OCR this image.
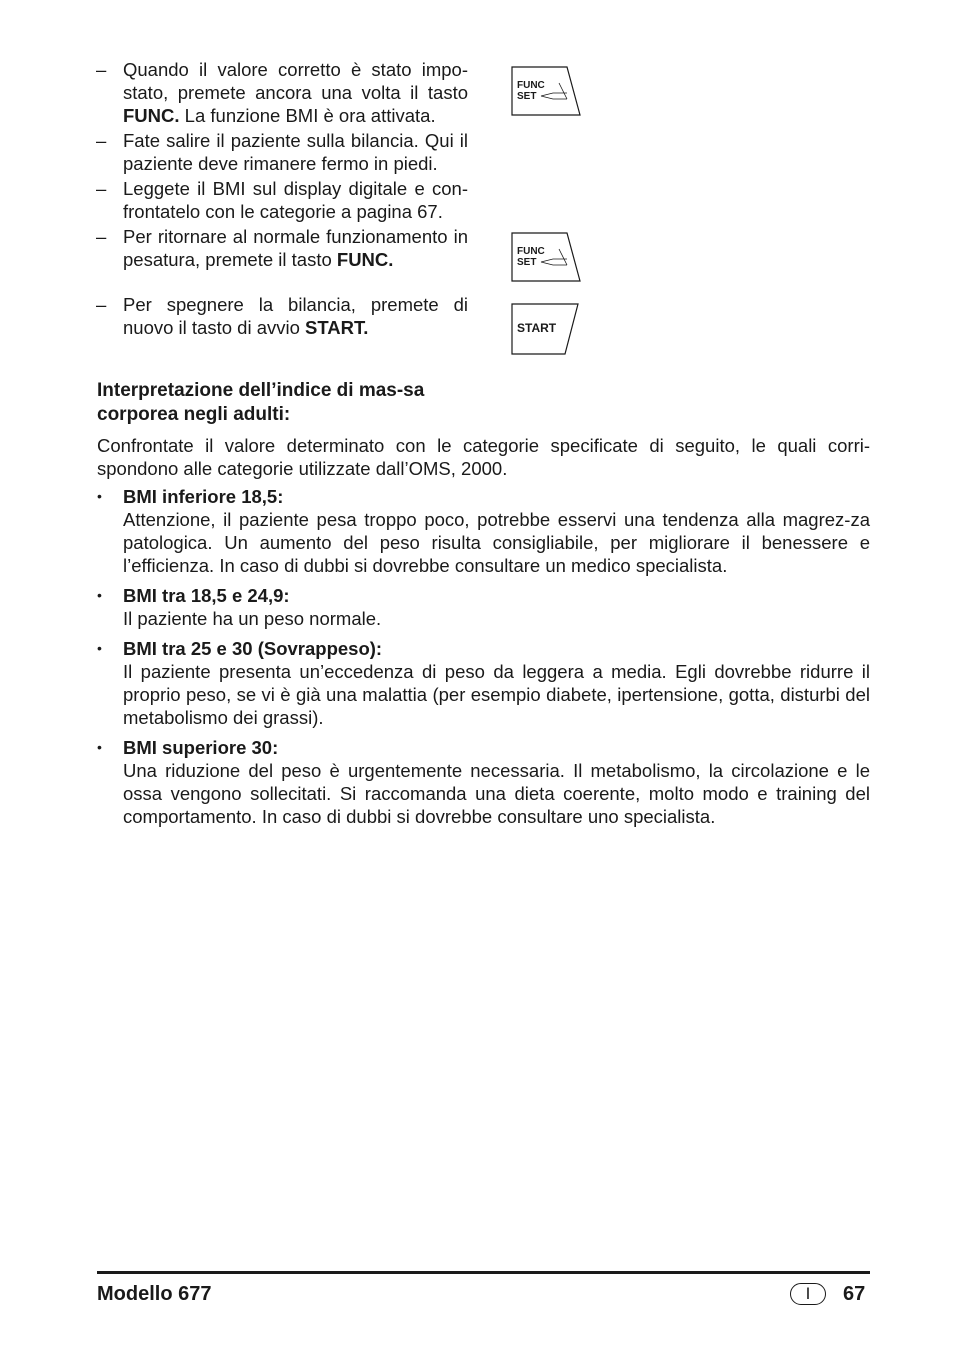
– Quando il valore corretto è stato impo-stato, premete ancora una volta il tasto FUNC. La funzione BMI è ora attivata.
– Fate salire il paziente sulla bilancia. Qui il paziente deve rimanere fermo in piedi.
– Leggete il BMI sul display digitale e con-frontatelo con le categorie a pagina 67.
– Per ritornare al normale funzionamento in pesatura, premete il tasto FUNC.
– Per spegnere la bilancia, premete di nuovo il tasto di avvio START.
FUNC
SET
FUNC
SET
START
Interpretazione dell’indice di mas-sa corporea negli adulti:
Confrontate il valore determinato con le categorie specificate di seguito, le quali corri-spondono alle categorie utilizzate dall’OMS, 2000.
• BMI inferiore 18,5:
Attenzione, il paziente pesa troppo poco, potrebbe esservi una tendenza alla magrez-za patologica. Un aumento del peso risulta consigliabile, per migliorare il benessere e l’efficienza. In caso di dubbi si dovrebbe consultare un medico specialista.
• BMI tra 18,5 e 24,9:
Il paziente ha un peso normale.
• BMI tra 25 e 30 (Sovrappeso):
Il paziente presenta un’eccedenza di peso da leggera a media. Egli dovrebbe ridurre il proprio peso, se vi è già una malattia (per esempio diabete, ipertensione, gotta, disturbi del metabolismo dei grassi).
• BMI superiore 30:
Una riduzione del peso è urgentemente necessaria. Il metabolismo, la circolazione e le ossa vengono sollecitati. Si raccomanda una dieta coerente, molto modo e training del comportamento. In caso di dubbi si dovrebbe consultare uno specialista.
Modello 677	I	67
